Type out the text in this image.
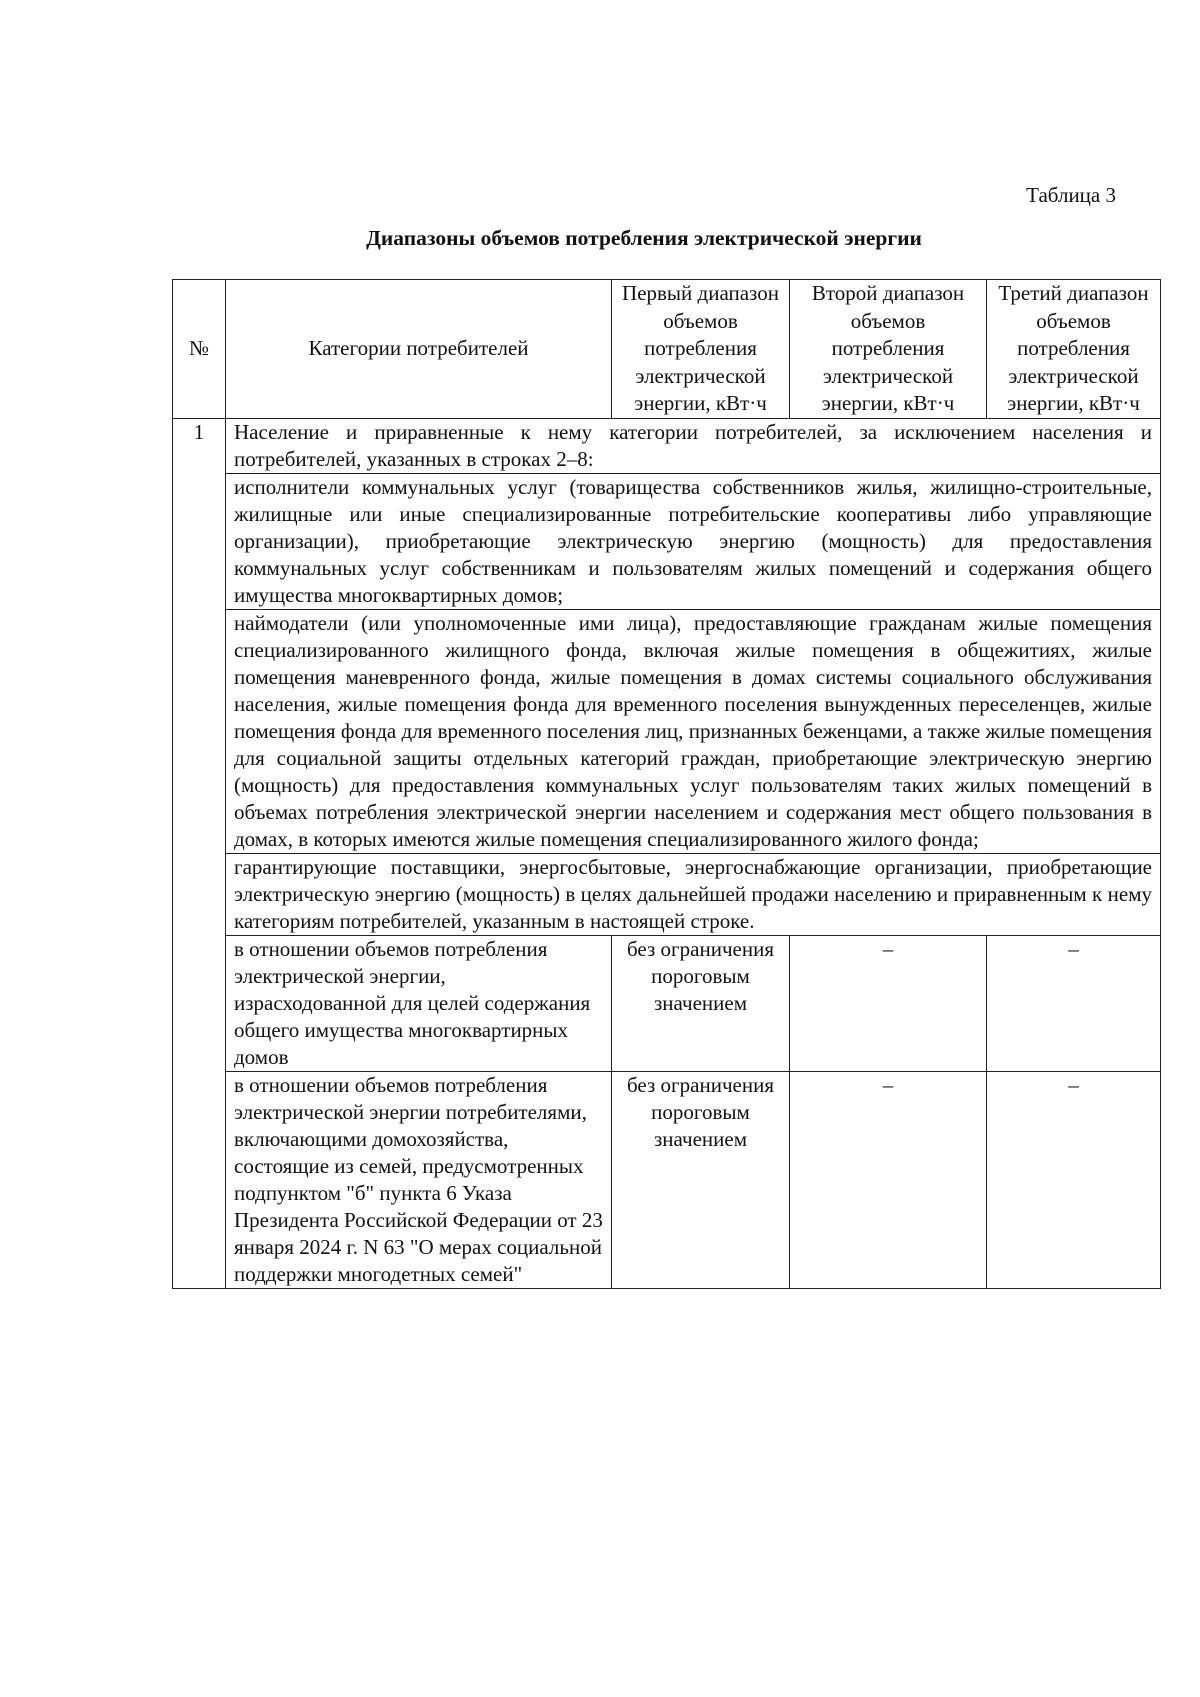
Таблица 3
Диапазоны объемов потребления электрической энергии
№	Категории потребителей	Первый диапазон объемов потребления электрической энергии, кВт·ч	Второй диапазон объемов потребления электрической энергии, кВт·ч	Третий диапазон объемов потребления электрической энергии, кВт·ч
1	Население и приравненные к нему категории потребителей, за исключением населения и потребителей, указанных в строках 2–8:			
	исполнители коммунальных услуг (товарищества собственников жилья, жилищно-строительные, жилищные или иные специализированные потребительские кооперативы либо управляющие организации), приобретающие электрическую энергию (мощность) для предоставления коммунальных услуг собственникам и пользователям жилых помещений и содержания общего имущества многоквартирных домов;			
	наймодатели (или уполномоченные ими лица), предоставляющие гражданам жилые помещения специализированного жилищного фонда, включая жилые помещения в общежитиях, жилые помещения маневренного фонда, жилые помещения в домах системы социального обслуживания населения, жилые помещения фонда для временного поселения вынужденных переселенцев, жилые помещения фонда для временного поселения лиц, признанных беженцами, а также жилые помещения для социальной защиты отдельных категорий граждан, приобретающие электрическую энергию (мощность) для предоставления коммунальных услуг пользователям таких жилых помещений в объемах потребления электрической энергии населением и содержания мест общего пользования в домах, в которых имеются жилые помещения специализированного жилого фонда;			
	гарантирующие поставщики, энергосбытовые, энергоснабжающие организации, приобретающие электрическую энергию (мощность) в целях дальнейшей продажи населению и приравненным к нему категориям потребителей, указанным в настоящей строке.			
	в отношении объемов потребления электрической энергии, израсходованной для целей содержания общего имущества многоквартирных домов	без ограничения пороговым значением	–	–
	в отношении объемов потребления электрической энергии потребителями, включающими домохозяйства, состоящие из семей, предусмотренных подпунктом "б" пункта 6 Указа Президента Российской Федерации от 23 января 2024 г. N 63 "О мерах социальной поддержки многодетных семей"	без ограничения пороговым значением	–	–
